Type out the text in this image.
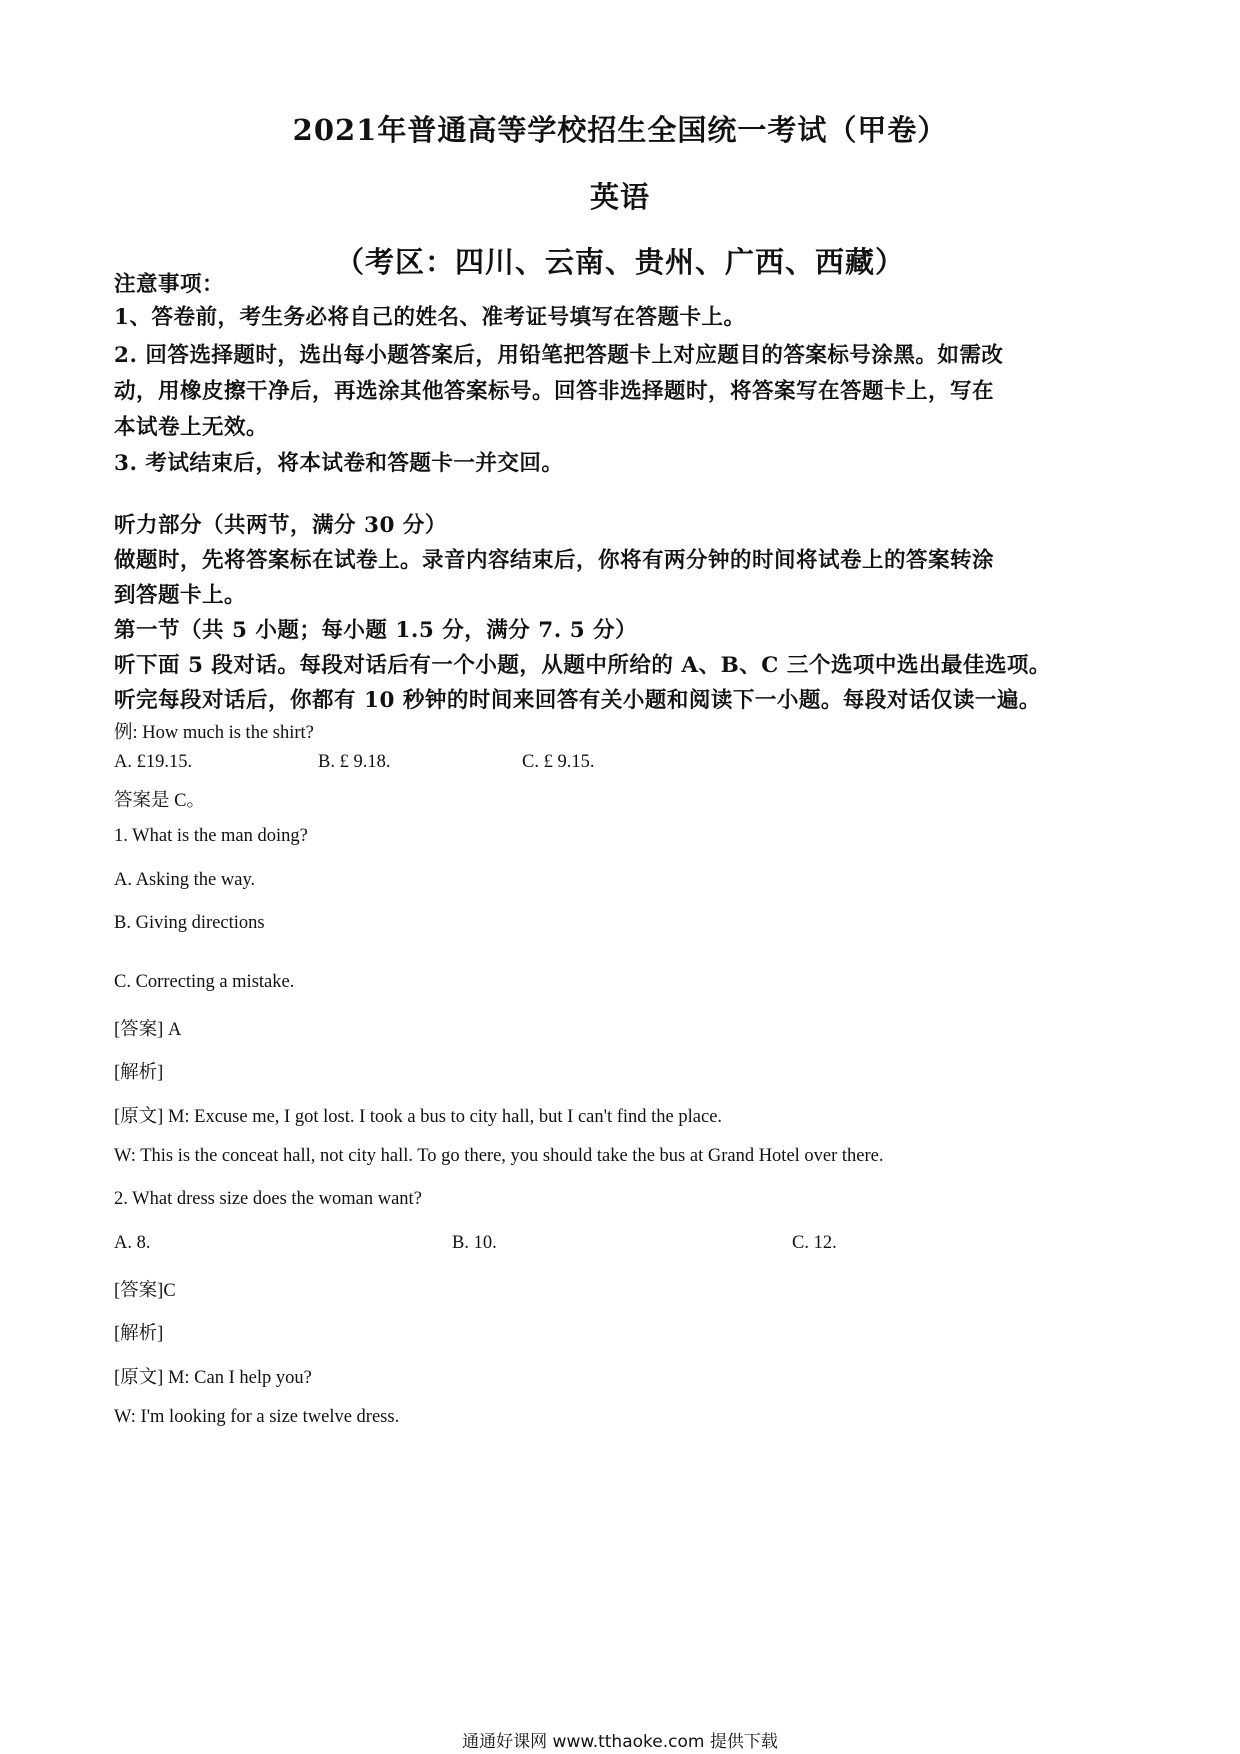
2021年普通高等学校招生全国统一考试（甲卷）
英语
（考区：四川、云南、贵州、广西、西藏）
注意事项：
1、答卷前，考生务必将自己的姓名、准考证号填写在答题卡上。
2. 回答选择题时，选出每小题答案后，用铅笔把答题卡上对应题目的答案标号涂黑。如需改
动，用橡皮擦干净后，再选涂其他答案标号。回答非选择题时，将答案写在答题卡上，写在
本试卷上无效。
3. 考试结束后，将本试卷和答题卡一并交回。
听力部分（共两节，满分 30 分）
做题时，先将答案标在试卷上。录音内容结束后，你将有两分钟的时间将试卷上的答案转涂
到答题卡上。
第一节（共 5 小题；每小题 1.5 分，满分 7. 5 分）
听下面 5 段对话。每段对话后有一个小题，从题中所给的 A、B、C 三个选项中选出最佳选项。
听完每段对话后，你都有 10 秒钟的时间来回答有关小题和阅读下一小题。每段对话仅读一遍。
例: How much is the shirt?
A. £19.15.	B. £ 9.18.	C. £ 9.15.
答案是 C。
1. What is the man doing?
A. Asking the way.
B. Giving directions
C. Correcting a mistake.
[答案] A
[解析]
[原文] M: Excuse me, I got lost. I took a bus to city hall, but I can't find the place.
W: This is the conceat hall, not city hall. To go there, you should take the bus at Grand Hotel over there.
2. What dress size does the woman want?
A. 8.	B. 10.	C. 12.
[答案]C
[解析]
[原文] M: Can I help you?
W: I'm looking for a size twelve dress.
通通好课网 www.tthaoke.com 提供下载
